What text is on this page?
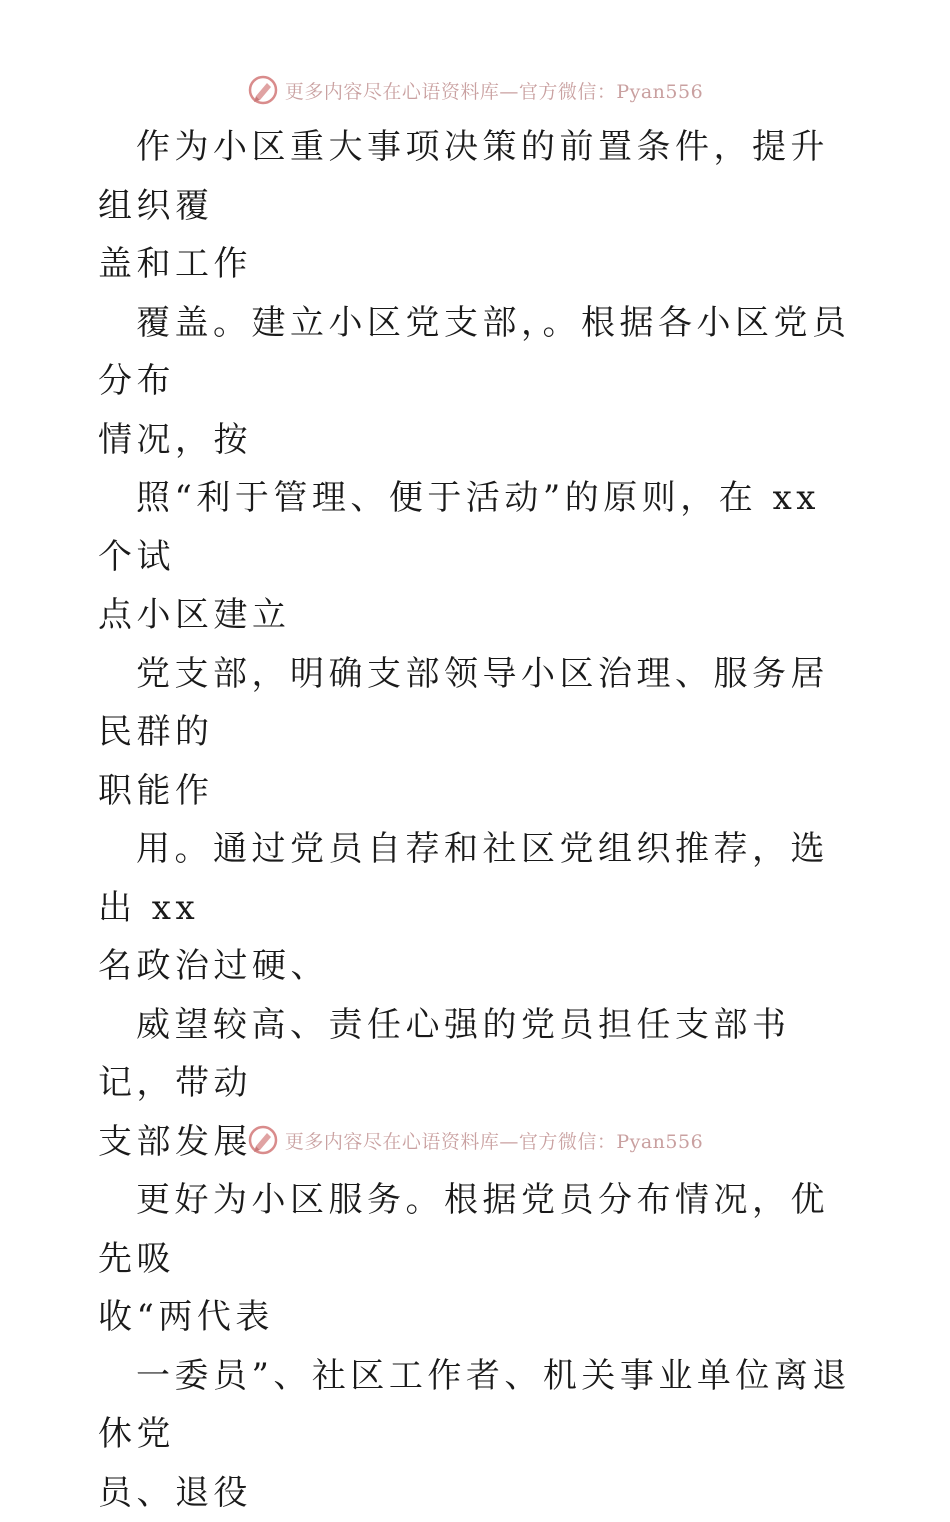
更多内容尽在心语资料库—官方微信：Pyan556

作为小区重大事项决策的前置条件，提升组织覆

盖和工作

覆盖。建立小区党支部，。根据各小区党员分布

情况，按

照“利于管理、便于活动”的原则，在 xx 个试

点小区建立

党支部，明确支部领导小区治理、服务居民群的

职能作

用。通过党员自荐和社区党组织推荐，选出 xx

名政治过硬、

威望较高、责任心强的党员担任支部书记，带动

支部发展

更好为小区服务。根据党员分布情况，优先吸

收“两代表

一委员”、社区工作者、机关事业单位离退休党

员、退役

更多内容尽在心语资料库—官方微信：Pyan556
